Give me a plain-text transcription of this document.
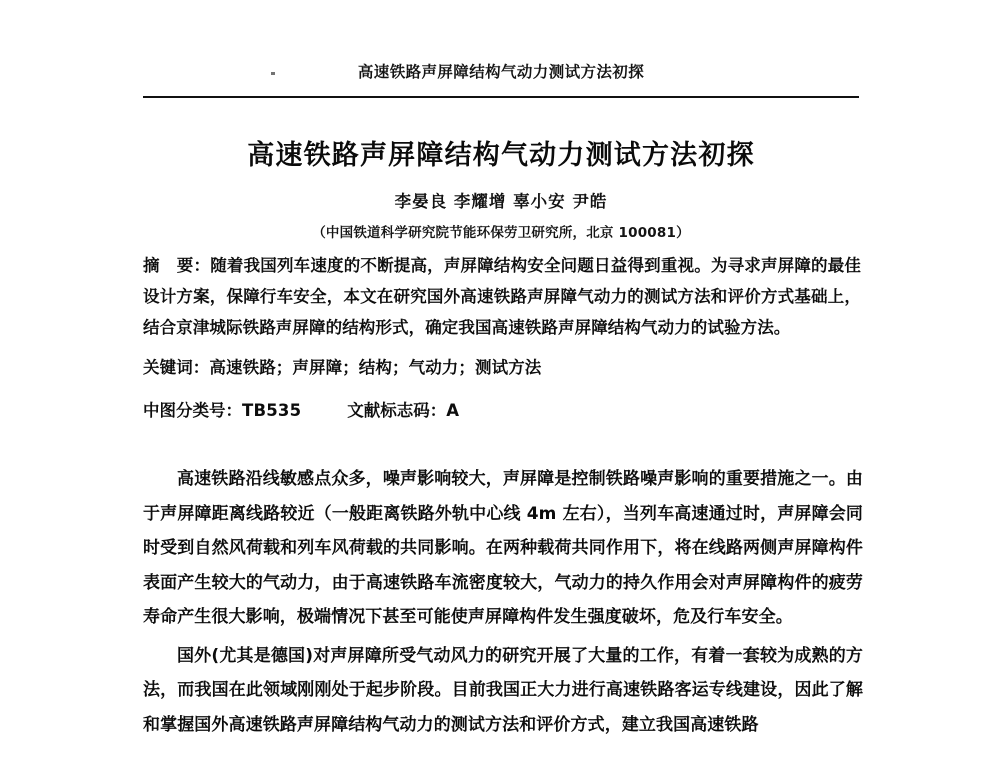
高速铁路声屏障结构气动力测试方法初探
高速铁路声屏障结构气动力测试方法初探
李晏良 李耀增 辜小安 尹皓
（中国铁道科学研究院节能环保劳卫研究所，北京 100081）

摘 要：随着我国列车速度的不断提高，声屏障结构安全问题日益得到重视。为寻求声屏障的最佳设计方案，保障行车安全，本文在研究国外高速铁路声屏障气动力的测试方法和评价方式基础上，结合京津城际铁路声屏障的结构形式，确定我国高速铁路声屏障结构气动力的试验方法。

关键词：高速铁路；声屏障；结构；气动力；测试方法

中图分类号：TB535	文献标志码：A

高速铁路沿线敏感点众多，噪声影响较大，声屏障是控制铁路噪声影响的重要措施之一。由于声屏障距离线路较近（一般距离铁路外轨中心线 4m 左右），当列车高速通过时，声屏障会同时受到自然风荷载和列车风荷载的共同影响。在两种载荷共同作用下，将在线路两侧声屏障构件表面产生较大的气动力，由于高速铁路车流密度较大，气动力的持久作用会对声屏障构件的疲劳寿命产生很大影响，极端情况下甚至可能使声屏障构件发生强度破坏，危及行车安全。

国外(尤其是德国)对声屏障所受气动风力的研究开展了大量的工作，有着一套较为成熟的方法，而我国在此领域刚刚处于起步阶段。目前我国正大力进行高速铁路客运专线建设，因此了解和掌握国外高速铁路声屏障结构气动力的测试方法和评价方式，建立我国高速铁路
